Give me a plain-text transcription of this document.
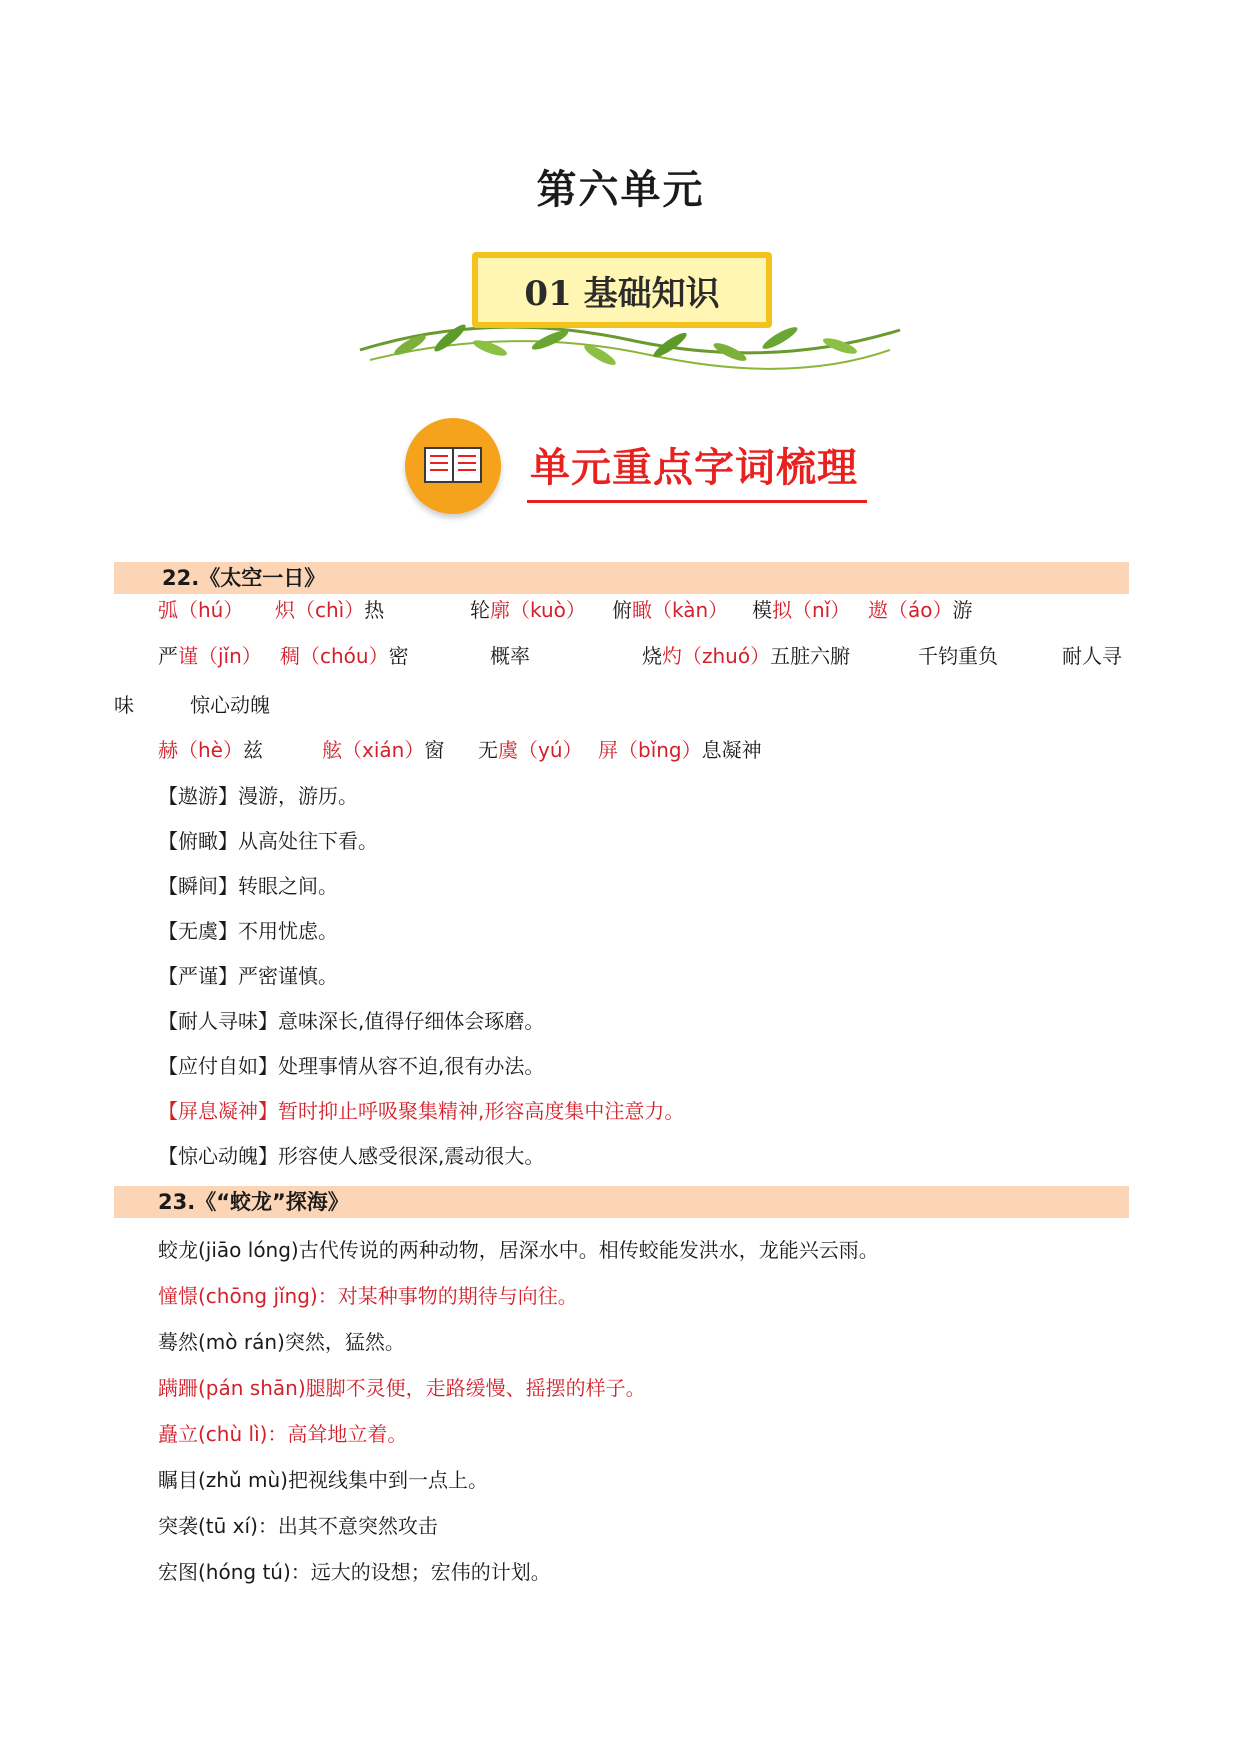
第六单元
01 基础知识
单元重点字词梳理
22.《太空一日》
弧（hú） 炽（chì）热	轮廓（kuò） 俯瞰（kàn） 模拟（nǐ） 遨（áo）游
严谨（jǐn） 稠（chóu）密	概率	烧灼（zhuó）五脏六腑	千钧重负	耐人寻
味	惊心动魄
赫（hè）兹	舷（xián）窗 无虞（yú） 屏（bǐng）息凝神
【遨游】漫游，游历。
【俯瞰】从高处往下看。
【瞬间】转眼之间。
【无虞】不用忧虑。
【严谨】严密谨慎。
【耐人寻味】意味深长,值得仔细体会琢磨。
【应付自如】处理事情从容不迫,很有办法。
【屏息凝神】暂时抑止呼吸聚集精神,形容高度集中注意力。
【惊心动魄】形容使人感受很深,震动很大。
23.《“蛟龙”探海》
蛟龙(jiāo lóng)古代传说的两种动物，居深水中。相传蛟能发洪水，龙能兴云雨。
憧憬(chōng jǐng)：对某种事物的期待与向往。
蓦然(mò rán)突然，猛然。
蹒跚(pán shān)腿脚不灵便，走路缓慢、摇摆的样子。
矗立(chù lì)：高耸地立着。
瞩目(zhǔ mù)把视线集中到一点上。
突袭(tū xí)：出其不意突然攻击
宏图(hóng tú)：远大的设想；宏伟的计划。
